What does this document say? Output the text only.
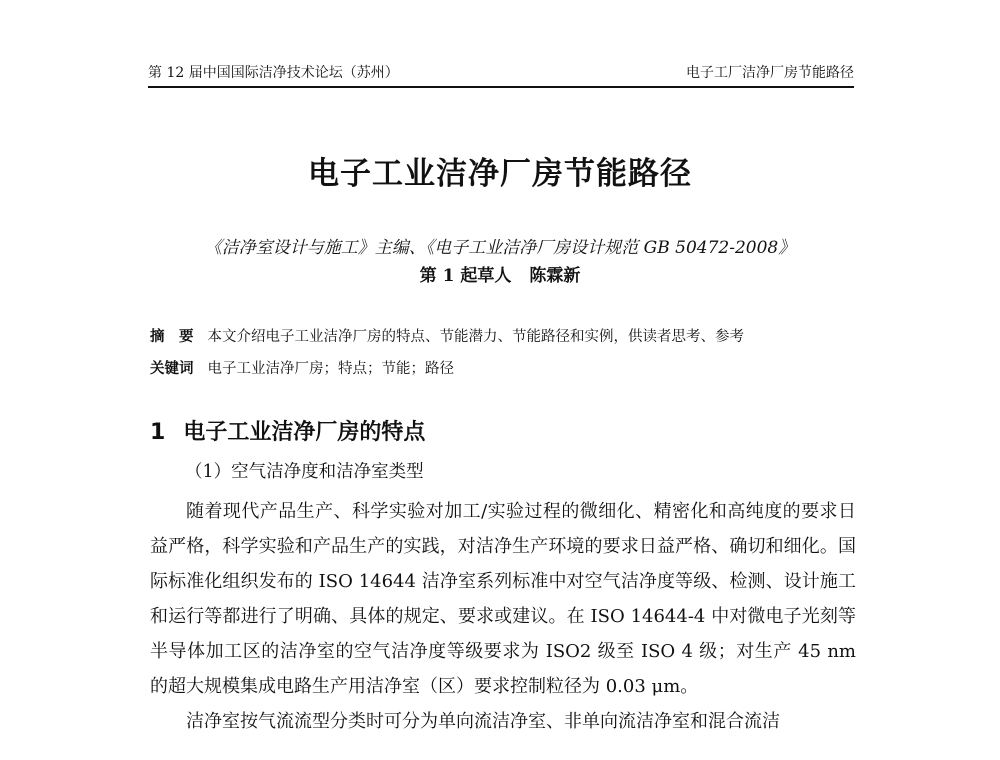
第 12 届中国国际洁净技术论坛（苏州）	电子工厂洁净厂房节能路径
电子工业洁净厂房节能路径
《洁净室设计与施工》主编、《电子工业洁净厂房设计规范 GB 50472-2008》
第 1 起草人 陈霖新
摘　要 本文介绍电子工业洁净厂房的特点、节能潜力、节能路径和实例，供读者思考、参考
关键词 电子工业洁净厂房；特点；节能；路径
1 电子工业洁净厂房的特点
（1）空气洁净度和洁净室类型

随着现代产品生产、科学实验对加工/实验过程的微细化、精密化和高纯度的要求日益严格，科学实验和产品生产的实践，对洁净生产环境的要求日益严格、确切和细化。国际标准化组织发布的 ISO 14644 洁净室系列标准中对空气洁净度等级、检测、设计施工和运行等都进行了明确、具体的规定、要求或建议。在 ISO 14644-4 中对微电子光刻等半导体加工区的洁净室的空气洁净度等级要求为 ISO2 级至 ISO 4 级；对生产 45 nm 的超大规模集成电路生产用洁净室（区）要求控制粒径为 0.03 μm。

洁净室按气流流型分类时可分为单向流洁净室、非单向流洁净室和混合流洁
